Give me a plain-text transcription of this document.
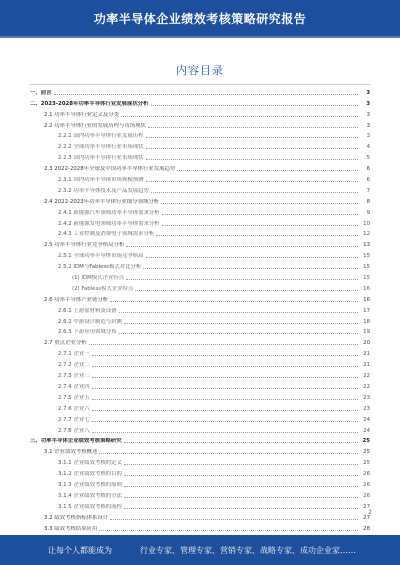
功率半导体企业绩效考核策略研究报告
内容目录
一、前言	3
二、2023-2028年功率半导体行业发展现状分析	3
2.1 功率半导体行业定义及分类	3
2.2 功率半导体行业的发展历程与市场现状	3
2.2.1 国内功率半导体行业发展历程	3
2.2.2 全球功率半导体行业市场现状	4
2.2.3 国内功率半导体行业市场现状	5
2.3 2022-2028年全球及中国功率半导体行业发展趋势	6
2.3.1 国内功率半导体市场规模预测	6
2.3.2 功率半导体技术及产品发展趋势	7
2.4 2022-2023年功率半导体行业细分领域分析	8
2.4.1 新能源汽车领域功率半导体需求分析	9
2.4.2 新能源发电领域功率半导体需求分析	10
2.4.3 工业控制及消费电子领域需求分析	12
2.5 功率半导体行业竞争格局分析	13
2.5.1 全球功率半导体市场竞争格局	15
2.5.2 IDM与Fabless模式对比分析	15
(1) IDM模式企业特点	15
(2) Fabless模式企业特点	16
2.6 功率半导体产业链分析	16
2.6.1 上游原材料及设备	17
2.6.2 中游设计制造与封测	18
2.6.3 下游应用领域分布	19
2.7 重点企业分析	20
2.7.1 企业一	21
2.7.2 企业二	21
2.7.3 企业三	22
2.7.4 企业四	22
2.7.5 企业五	23
2.7.6 企业六	23
2.7.7 企业七	24
2.7.8 企业八	24
三、功率半导体企业绩效考核策略研究	25
3.1 企业绩效考核概述	25
3.1.1 企业绩效考核的定义	25
3.1.2 企业绩效考核的目的	26
3.1.3 企业绩效考核的原则	26
3.1.4 企业绩效考核的方法	26
3.1.5 企业绩效考核的流程	27
3.2 绩效考核指标体系设计	27
3.3 绩效考核结果应用	28
2
让每个人都能成为	行业专家、管理专家、营销专家、战略专家、成功企业家……
